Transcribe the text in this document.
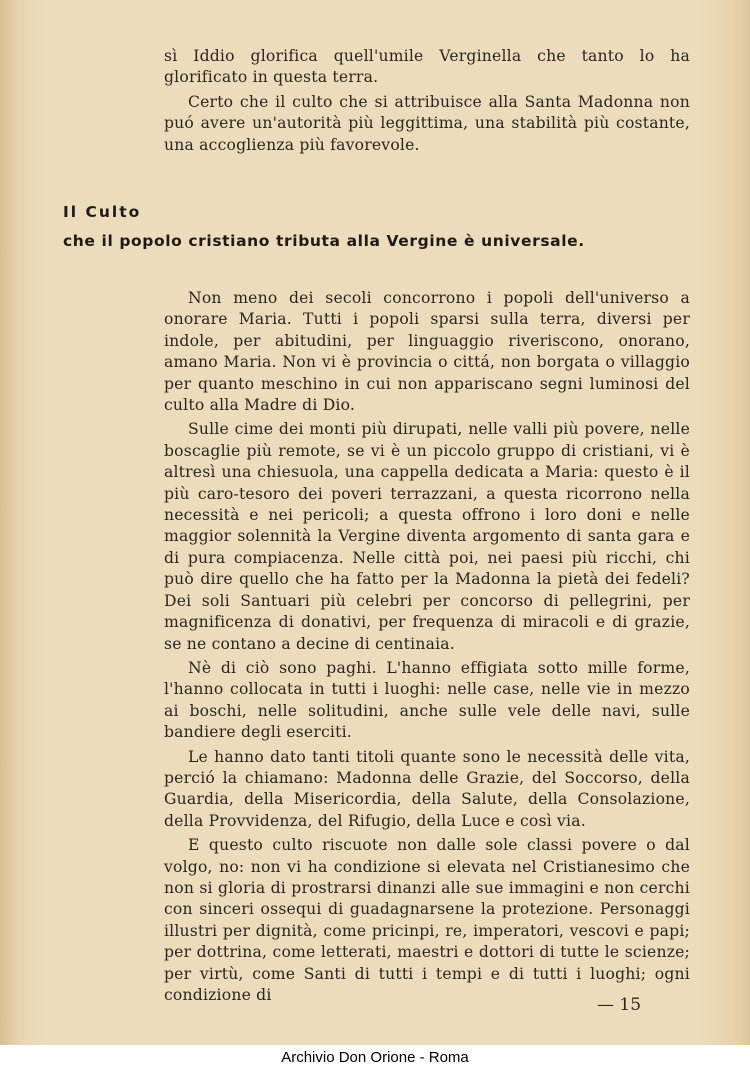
sì Iddio glorifica quell'umile Verginella che tanto lo ha glorificato in questa terra.

Certo che il culto che si attribuisce alla Santa Madonna non puó avere un'autorità più leggittima, una stabilità più costante, una accoglienza più favorevole.

Il Culto
che il popolo cristiano tributa alla Vergine è universale.

Non meno dei secoli concorrono i popoli dell'universo a onorare Maria. Tutti i popoli sparsi sulla terra, diversi per indole, per abitudini, per linguaggio riveriscono, onorano, amano Maria. Non vi è provincia o cittá, non borgata o villaggio per quanto meschino in cui non appariscano segni luminosi del culto alla Madre di Dio.

Sulle cime dei monti più dirupati, nelle valli più povere, nelle boscaglie più remote, se vi è un piccolo gruppo di cristiani, vi è altresì una chiesuola, una cappella dedicata a Maria: questo è il più caro-tesoro dei poveri terrazzani, a questa ricorrono nella necessità e nei pericoli; a questa offrono i loro doni e nelle maggior solennità la Vergine diventa argomento di santa gara e di pura compiacenza. Nelle città poi, nei paesi più ricchi, chi può dire quello che ha fatto per la Madonna la pietà dei fedeli? Dei soli Santuari più celebri per concorso di pellegrini, per magnificenza di donativi, per frequenza di miracoli e di grazie, se ne contano a decine di centinaia.

Nè di ciò sono paghi. L'hanno effigiata sotto mille forme, l'hanno collocata in tutti i luoghi: nelle case, nelle vie in mezzo ai boschi, nelle solitudini, anche sulle vele delle navi, sulle bandiere degli eserciti.

Le hanno dato tanti titoli quante sono le necessità delle vita, perció la chiamano: Madonna delle Grazie, del Soccorso, della Guardia, della Misericordia, della Salute, della Consolazione, della Provvidenza, del Rifugio, della Luce e così via.

E questo culto riscuote non dalle sole classi povere o dal volgo, no: non vi ha condizione si elevata nel Cristianesimo che non si gloria di prostrarsi dinanzi alle sue immagini e non cerchi con sinceri ossequi di guadagnarsene la protezione. Personaggi illustri per dignità, come pricinpi, re, imperatori, vescovi e papi; per dottrina, come letterati, maestri e dottori di tutte le scienze; per virtù, come Santi di tutti i tempi e di tutti i luoghi; ogni condizione di	— 15
Archivio Don Orione - Roma
